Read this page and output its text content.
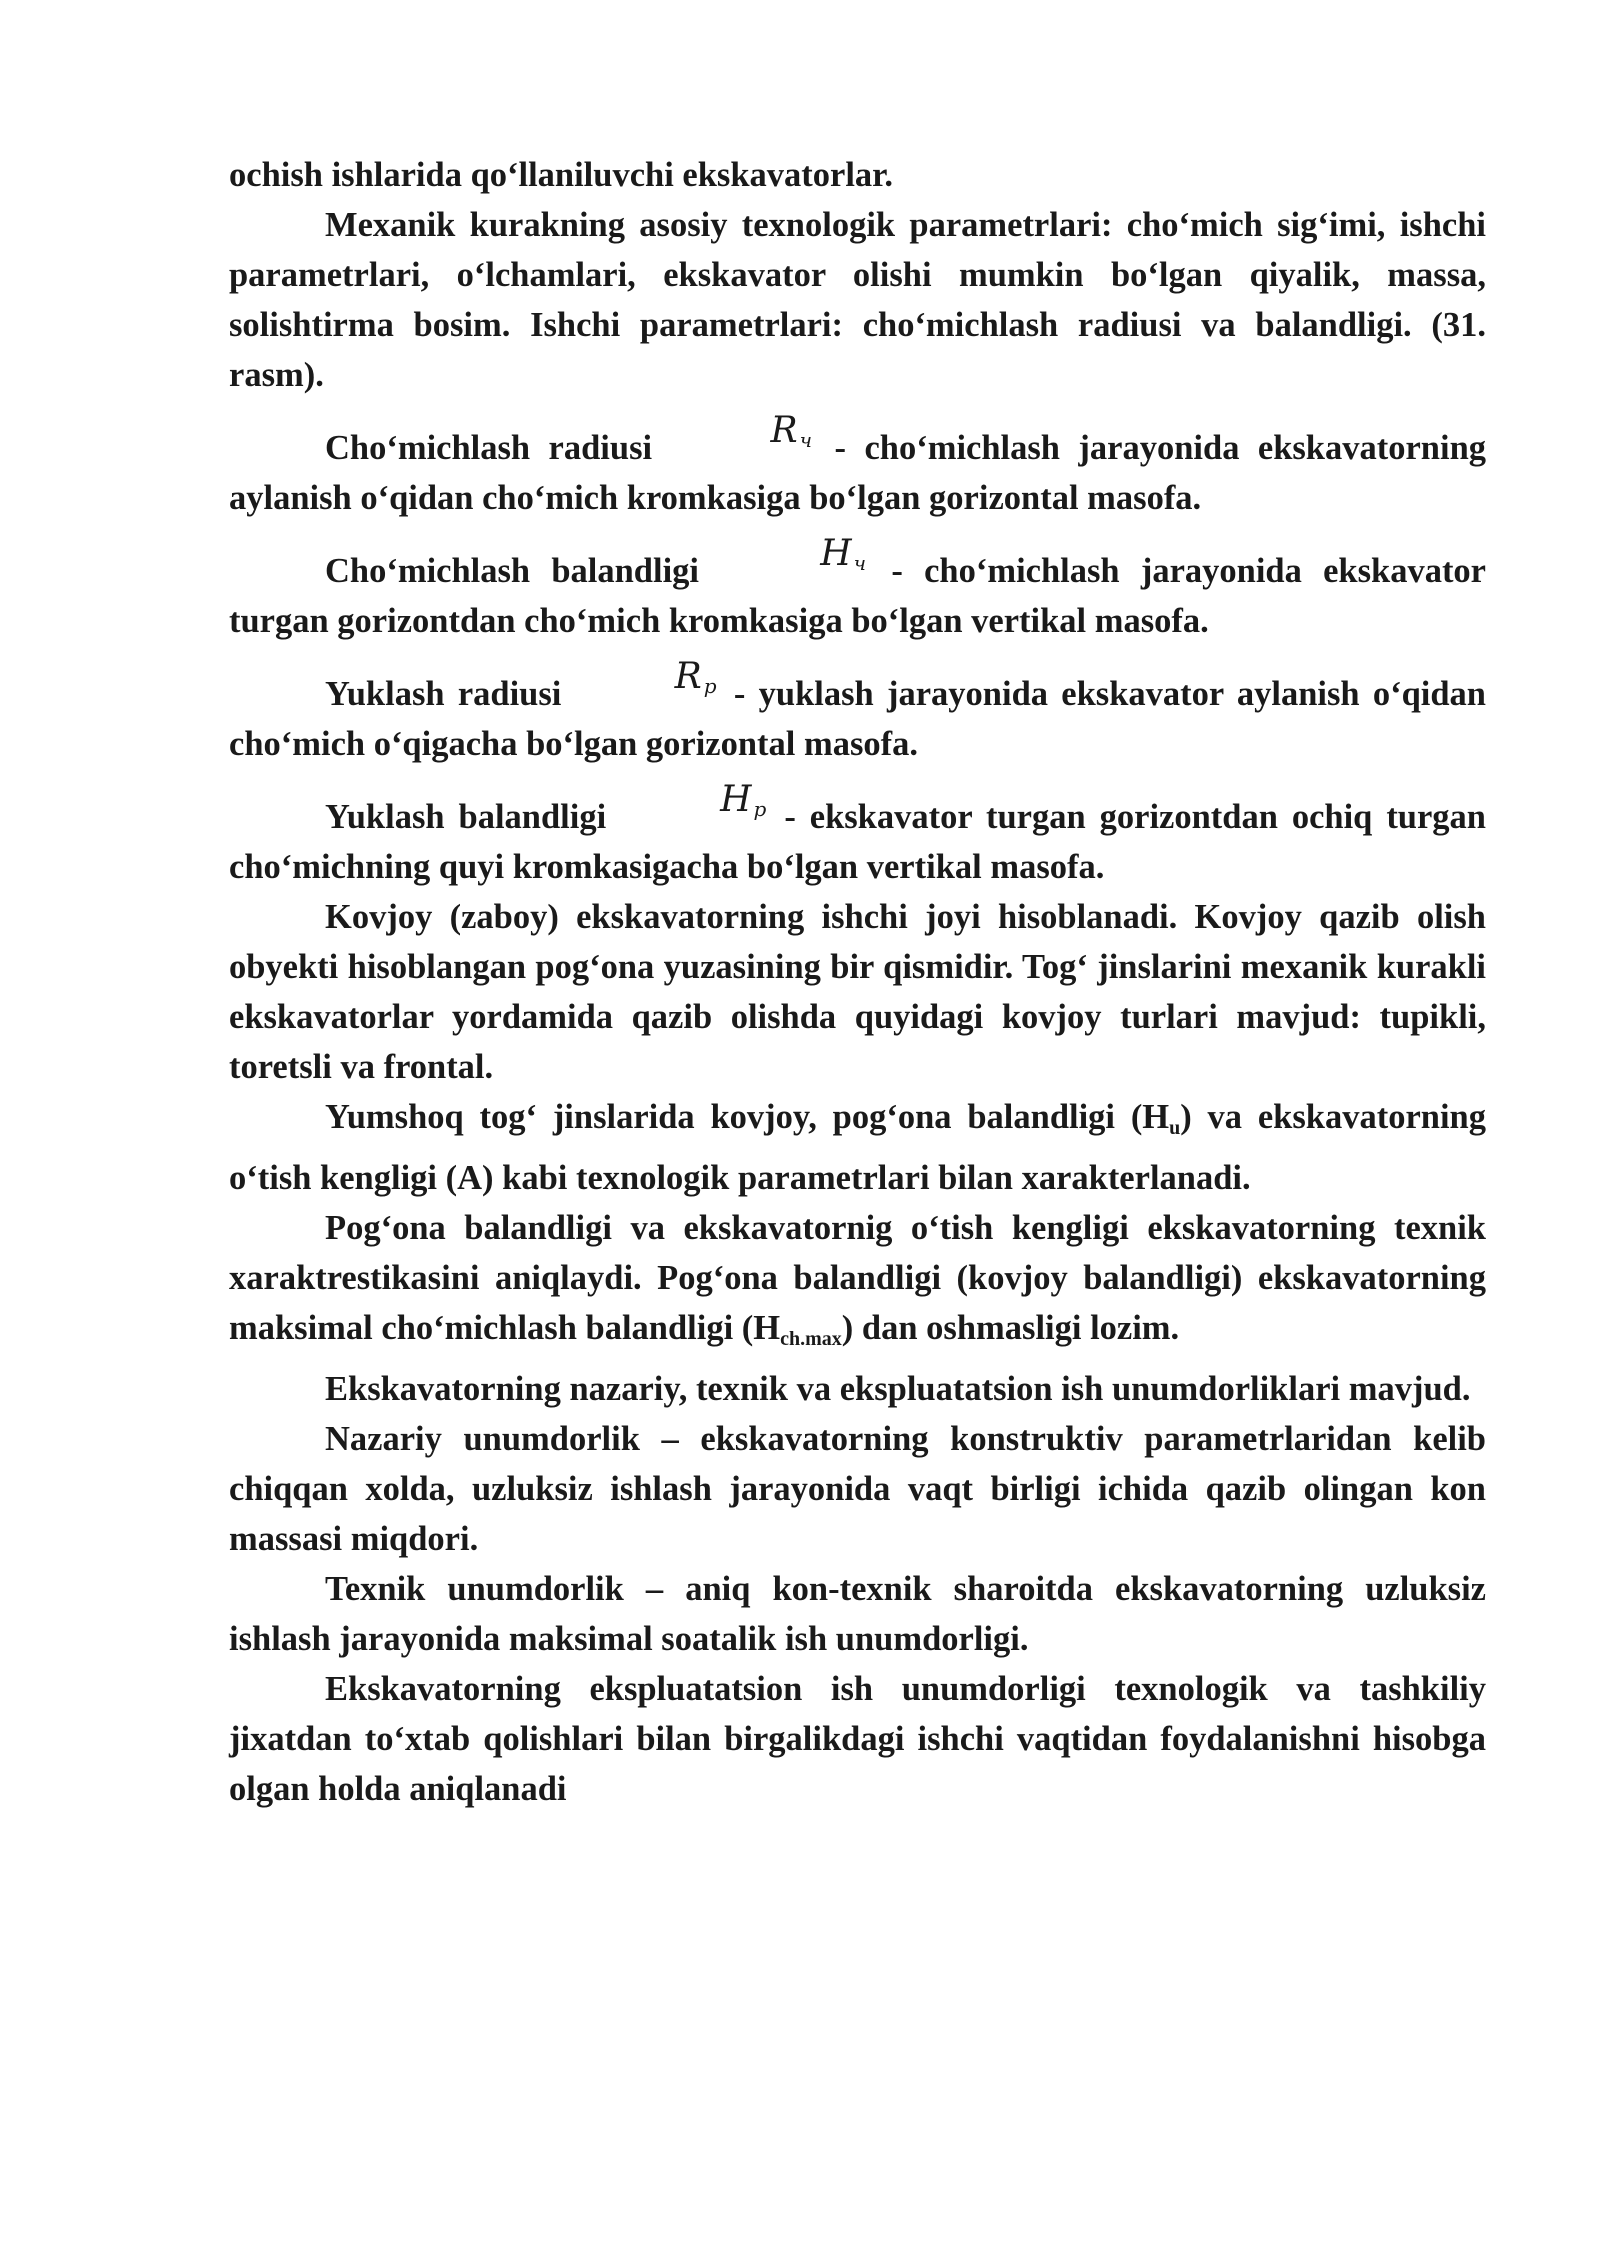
ochish ishlarida qo‘llaniluvchi ekskavatorlar.

Mexanik kurakning asosiy texnologik parametrlari: cho‘mich sig‘imi, ishchi parametrlari, o‘lchamlari, ekskavator olishi mumkin bo‘lgan qiyalik, massa, solishtirma bosim. Ishchi parametrlari: cho‘michlash radiusi va balandligi. (31. rasm).

Cho‘michlash radiusi	R $_ч$ - cho‘michlash jarayonida ekskavatorning aylanish o‘qidan cho‘mich kromkasiga bo‘lgan gorizontal masofa.

Cho‘michlash balandligi	H $_ч$ - cho‘michlash jarayonida ekskavator turgan gorizontdan cho‘mich kromkasiga bo‘lgan vertikal masofa.

Yuklash radiusi	R $_p$ - yuklash jarayonida ekskavator aylanish o‘qidan cho‘mich o‘qigacha bo‘lgan gorizontal masofa.

Yuklash balandligi	H $_p$ - ekskavator turgan gorizontdan ochiq turgan cho‘michning quyi kromkasigacha bo‘lgan vertikal masofa.

Kovjoy (zaboy) ekskavatorning ishchi joyi hisoblanadi. Kovjoy qazib olish obyekti hisoblangan pog‘ona yuzasining bir qismidir. Tog‘ jinslarini mexanik kurakli ekskavatorlar yordamida qazib olishda quyidagi kovjoy turlari mavjud: tupikli, toretsli va frontal.

Yumshoq tog‘ jinslarida kovjoy, pog‘ona balandligi (Hu) va ekskavatorning o‘tish kengligi (A) kabi texnologik parametrlari bilan xarakterlanadi.

Pog‘ona balandligi va ekskavatornig o‘tish kengligi ekskavatorning texnik xaraktrestikasini aniqlaydi. Pog‘ona balandligi (kovjoy balandligi) ekskavatorning maksimal cho‘michlash balandligi (Hch.max) dan oshmasligi lozim.

Ekskavatorning nazariy, texnik va ekspluatatsion ish unumdorliklari mavjud.

Nazariy unumdorlik – ekskavatorning konstruktiv parametrlaridan kelib chiqqan xolda, uzluksiz ishlash jarayonida vaqt birligi ichida qazib olingan kon massasi miqdori.

Texnik unumdorlik – aniq kon-texnik sharoitda ekskavatorning uzluksiz ishlash jarayonida maksimal soatalik ish unumdorligi.

Ekskavatorning ekspluatatsion ish unumdorligi texnologik va tashkiliy jixatdan to‘xtab qolishlari bilan birgalikdagi ishchi vaqtidan foydalanishni hisobga olgan holda aniqlanadi
